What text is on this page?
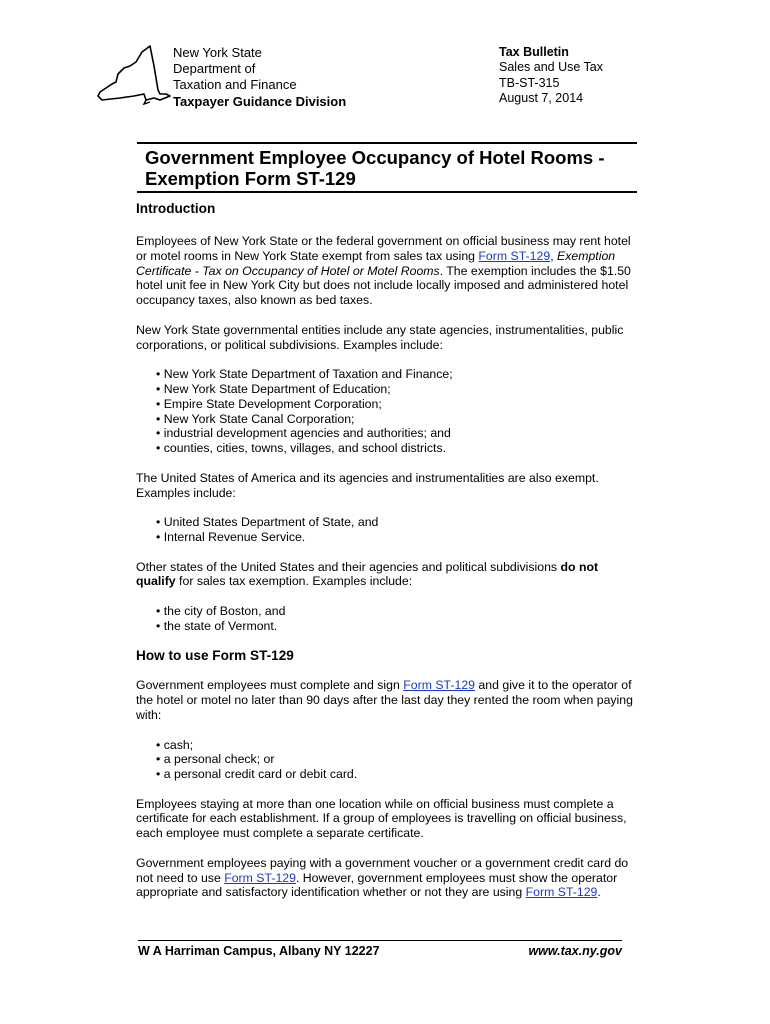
New York State
Department of
Taxation and Finance
Taxpayer Guidance Division
Tax Bulletin
Sales and Use Tax
TB-ST-315
August 7, 2014
Government Employee Occupancy of Hotel Rooms -
Exemption Form ST-129
Introduction

Employees of New York State or the federal government on official business may rent hotel or motel rooms in New York State exempt from sales tax using Form ST-129, Exemption Certificate - Tax on Occupancy of Hotel or Motel Rooms. The exemption includes the $1.50 hotel unit fee in New York City but does not include locally imposed and administered hotel occupancy taxes, also known as bed taxes.

New York State governmental entities include any state agencies, instrumentalities, public corporations, or political subdivisions. Examples include:

• New York State Department of Taxation and Finance;
• New York State Department of Education;
• Empire State Development Corporation;
• New York State Canal Corporation;
• industrial development agencies and authorities; and
• counties, cities, towns, villages, and school districts.

The United States of America and its agencies and instrumentalities are also exempt. Examples include:

• United States Department of State, and
• Internal Revenue Service.

Other states of the United States and their agencies and political subdivisions do not qualify for sales tax exemption. Examples include:

• the city of Boston, and
• the state of Vermont.
How to use Form ST-129

Government employees must complete and sign Form ST-129 and give it to the operator of the hotel or motel no later than 90 days after the last day they rented the room when paying with:

• cash;
• a personal check; or
• a personal credit card or debit card.

Employees staying at more than one location while on official business must complete a certificate for each establishment. If a group of employees is travelling on official business, each employee must complete a separate certificate.

Government employees paying with a government voucher or a government credit card do not need to use Form ST-129. However, government employees must show the operator appropriate and satisfactory identification whether or not they are using Form ST-129.

W A Harriman Campus, Albany NY 12227	www.tax.ny.gov
